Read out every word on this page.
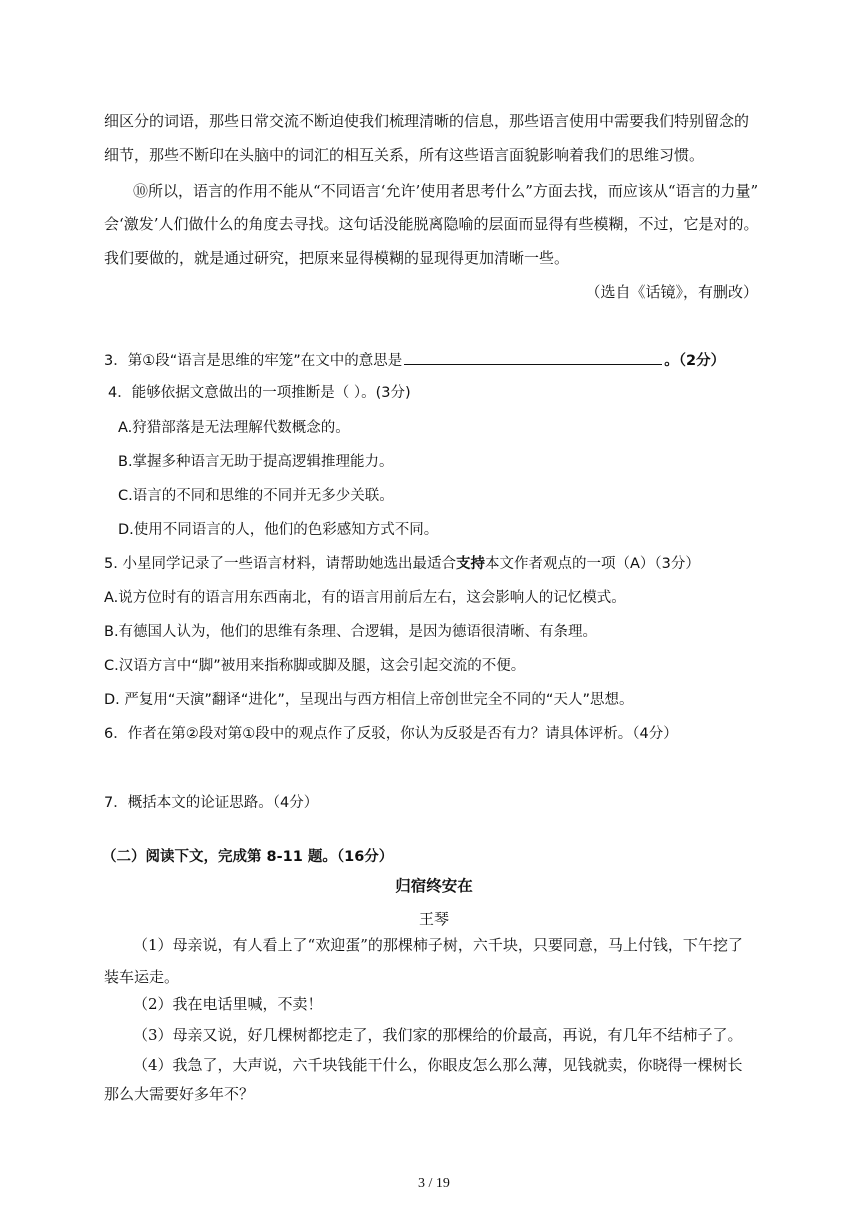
细区分的词语，那些日常交流不断迫使我们梳理清晰的信息，那些语言使用中需要我们特别留念的
细节，那些不断印在头脑中的词汇的相互关系，所有这些语言面貌影响着我们的思维习惯。
⑩所以，语言的作用不能从“不同语言‘允许’使用者思考什么”方面去找，而应该从“语言的力量”
会‘激发’人们做什么的角度去寻找。这句话没能脱离隐喻的层面而显得有些模糊，不过，它是对的。
我们要做的，就是通过研究，把原来显得模糊的显现得更加清晰一些。
（选自《话镜》，有删改）
3．第①段“语言是思维的牢笼”在文中的意思是	。（2分）
4．能够依据文意做出的一项推断是（ ）。(3分)
A.狩猎部落是无法理解代数概念的。
B.掌握多种语言无助于提高逻辑推理能力。
C.语言的不同和思维的不同并无多少关联。
D.使用不同语言的人，他们的色彩感知方式不同。
5. 小星同学记录了一些语言材料，请帮助她选出最适合支持本文作者观点的一项（A）（3分）
A.说方位时有的语言用东西南北，有的语言用前后左右，这会影响人的记忆模式。
B.有德国人认为，他们的思维有条理、合逻辑，是因为德语很清晰、有条理。
C.汉语方言中“脚”被用来指称脚或脚及腿，这会引起交流的不便。
D. 严复用“天演”翻译“进化”，呈现出与西方相信上帝创世完全不同的“天人”思想。
6．作者在第②段对第①段中的观点作了反驳，你认为反驳是否有力？请具体评析。（4分）
7．概括本文的论证思路。（4分）
（二）阅读下文，完成第 8-11 题。（16分）
归宿终安在
王琴
（1）母亲说，有人看上了“欢迎蛋”的那棵柿子树，六千块，只要同意，马上付钱，下午挖了
装车运走。
（2）我在电话里喊，不卖！
（3）母亲又说，好几棵树都挖走了，我们家的那棵给的价最高，再说，有几年不结柿子了。
（4）我急了，大声说，六千块钱能干什么，你眼皮怎么那么薄，见钱就卖，你晓得一棵树长
那么大需要好多年不？
3 / 19
